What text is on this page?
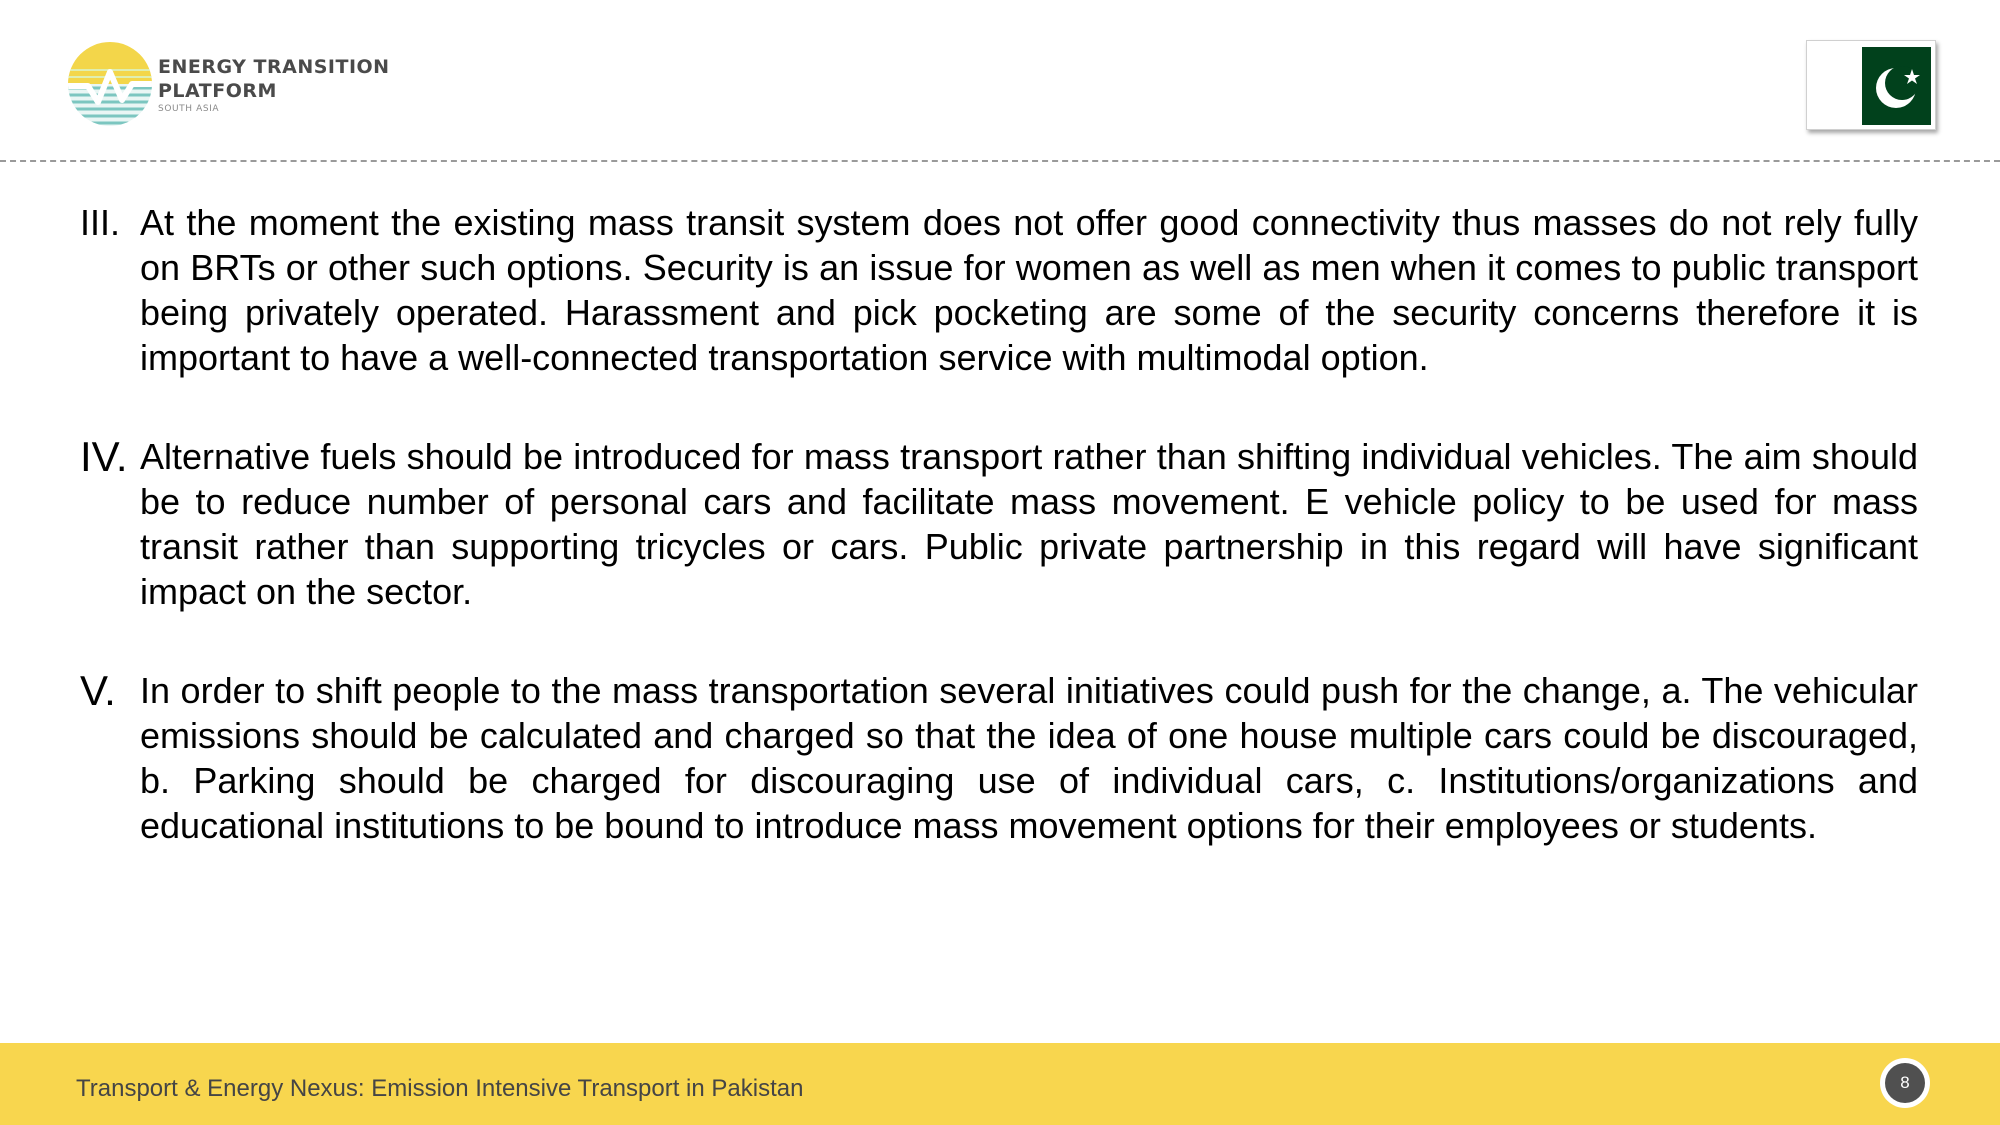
ENERGY TRANSITION
PLATFORM
SOUTH ASIA
III. At the moment the existing mass transit system does not offer good connectivity thus masses do not rely fully on BRTs or other such options. Security is an issue for women as well as men when it comes to public transport being privately operated. Harassment and pick pocketing are some of the security concerns therefore it is important to have a well-connected transportation service with multimodal option.
IV. Alternative fuels should be introduced for mass transport rather than shifting individual vehicles. The aim should be to reduce number of personal cars and facilitate mass movement. E vehicle policy to be used for mass transit rather than supporting tricycles or cars. Public private partnership in this regard will have significant impact on the sector.
V. In order to shift people to the mass transportation several initiatives could push for the change, a. The vehicular emissions should be calculated and charged so that the idea of one house multiple cars could be discouraged, b. Parking should be charged for discouraging use of individual cars, c. Institutions/organizations and educational institutions to be bound to introduce mass movement options for their employees or students.
Transport & Energy Nexus: Emission Intensive Transport in Pakistan	8
